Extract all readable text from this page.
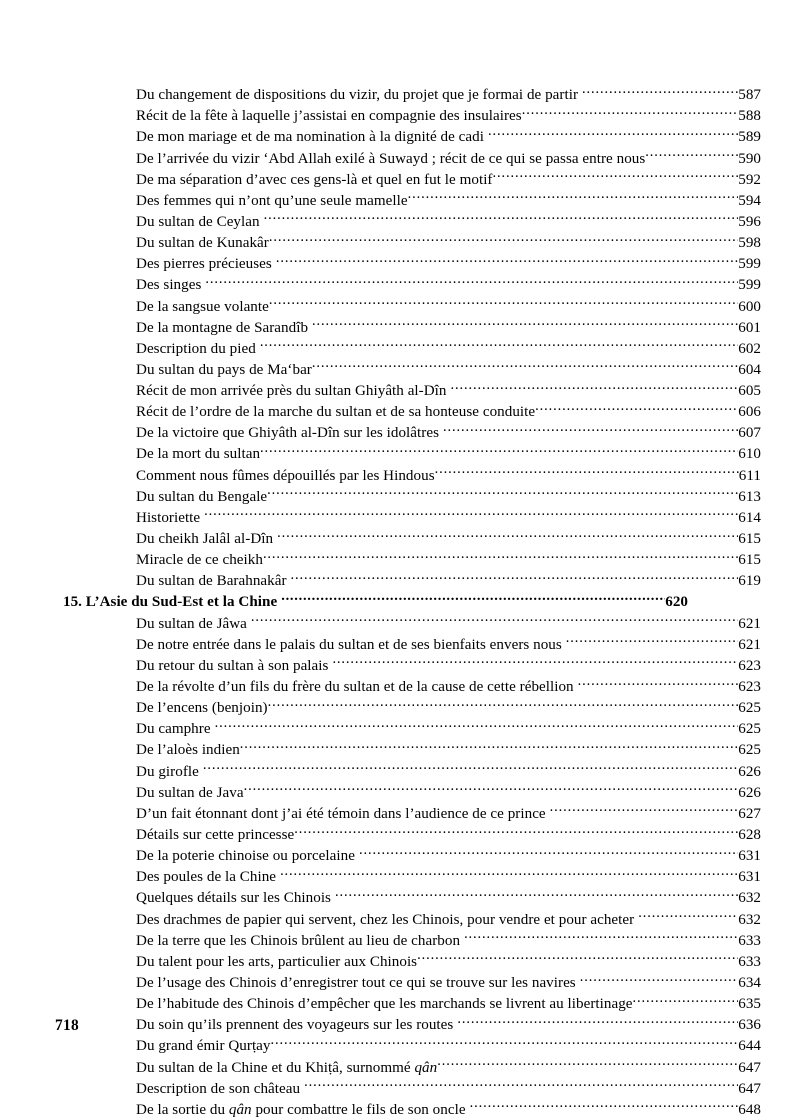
Du changement de dispositions du vizir, du projet que je formai de partir .....	587
Récit de la fête à laquelle j’assistai en compagnie des insulaires .....	588
De mon mariage et de ma nomination à la dignité de cadi .....	589
De l’arrivée du vizir ‘Abd Allah exilé à Suwayd ; récit de ce qui se passa entre nous .....	590
De ma séparation d’avec ces gens-là et quel en fut le motif .....	592
Des femmes qui n’ont qu’une seule mamelle .....	594
Du sultan de Ceylan .....	596
Du sultan de Kunakâr .....	598
Des pierres précieuses .....	599
Des singes .....	599
De la sangsue volante .....	600
De la montagne de Sarandîb .....	601
Description du pied .....	602
Du sultan du pays de Ma‘bar .....	604
Récit de mon arrivée près du sultan Ghiyâth al-Dîn .....	605
Récit de l’ordre de la marche du sultan et de sa honteuse conduite .....	606
De la victoire que Ghiyâth al-Dîn sur les idolâtres .....	607
De la mort du sultan .....	610
Comment nous fûmes dépouillés par les Hindous .....	611
Du sultan du Bengale .....	613
Historiette .....	614
Du cheikh Jalâl al-Dîn .....	615
Miracle de ce cheikh .....	615
Du sultan de Barahnakâr .....	619
15. L’Asie du Sud-Est et la Chine .....	620
Du sultan de Jâwa .....	621
De notre entrée dans le palais du sultan et de ses bienfaits envers nous .....	621
Du retour du sultan à son palais .....	623
De la révolte d’un fils du frère du sultan et de la cause de cette rébellion .....	623
De l’encens (benjoin) .....	625
Du camphre .....	625
De l’aloès indien .....	625
Du girofle .....	626
Du sultan de Java .....	626
D’un fait étonnant dont j’ai été témoin dans l’audience de ce prince .....	627
Détails sur cette princesse .....	628
De la poterie chinoise ou porcelaine .....	631
Des poules de la Chine .....	631
Quelques détails sur les Chinois .....	632
Des drachmes de papier qui servent, chez les Chinois, pour vendre et pour acheter .....	632
De la terre que les Chinois brûlent au lieu de charbon .....	633
Du talent pour les arts, particulier aux Chinois .....	633
De l’usage des Chinois d’enregistrer tout ce qui se trouve sur les navires .....	634
De l’habitude des Chinois d’empêcher que les marchands se livrent au libertinage .....	635
Du soin qu’ils prennent des voyageurs sur les routes .....	636
Du grand émir Qurṭay .....	644
Du sultan de la Chine et du Khiṭâ, surnommé qân .....	647
Description de son château .....	647
De la sortie du qân pour combattre le fils de son oncle .....	648
718
